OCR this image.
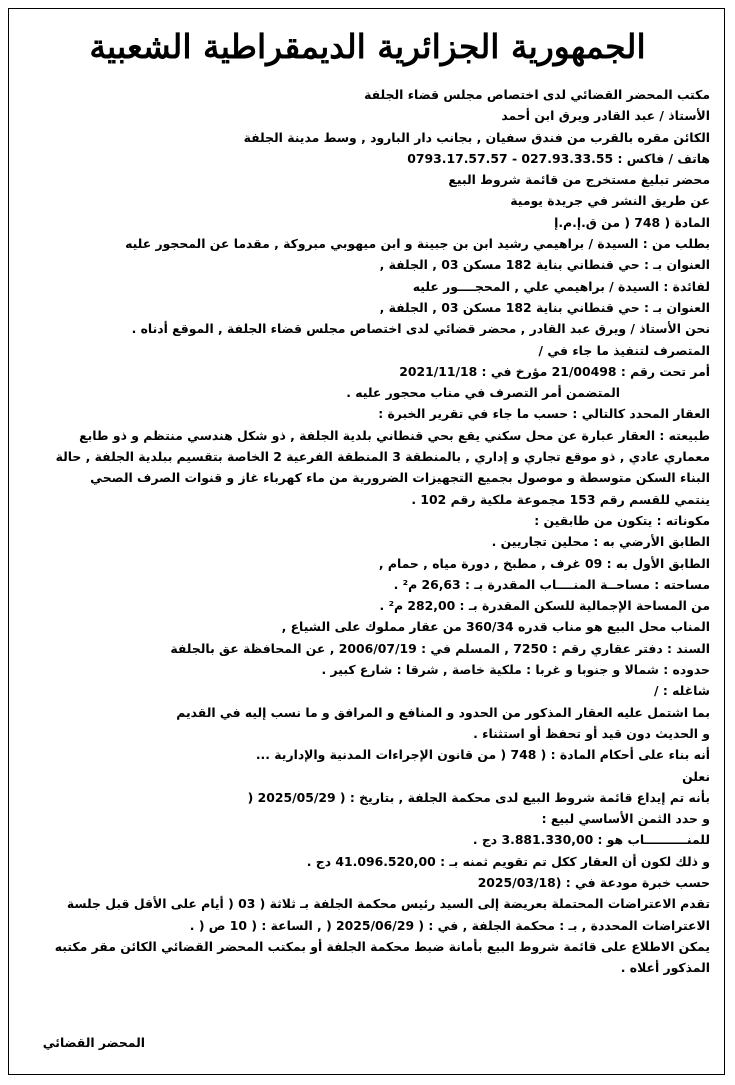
الجمهورية الجزائرية الديمقراطية الشعبية
مكتب المحضر القضائي لدى اختصاص مجلس قضاء الجلفة
الأستاذ / عبد القادر ويرق ابن أحمد
الكائن مقره بالقرب من فندق سفيان , بجانب دار البارود , وسط مدينة الجلفة
هاتف / فاكس : 027.93.33.55 - 0793.17.57.57
محضر تبليغ مستخرج من قائمة شروط البيع
عن طريق النشر في جريدة يومية
المادة ( 748 ( من ق.إ.م.إ
بطلب من : السيدة / براهيمي رشيد ابن بن جبينة و ابن ميهوبي مبروكة , مقدما عن المحجور عليه
العنوان بـ : حي قنطاني بناية 182 مسكن 03 , الجلفة ,
لفائدة : السيدة / براهيمي علي , المحجــــور عليه
العنوان بـ : حي قنطاني بناية 182 مسكن 03 , الجلفة ,
نحن الأستاذ / ويرق عبد القادر , محضر قضائي لدى اختصاص مجلس قضاء الجلفة , الموقع أدناه .
المتصرف لتنفيذ ما جاء في /
أمر تحت رقم : 21/00498 مؤرخ في : 2021/11/18
المتضمن أمر التصرف في مناب محجور عليه .
العقار المحدد كالتالي : حسب ما جاء في تقرير الخبرة :
طبيعته : العقار عبارة عن محل سكني يقع بحي قنطاني بلدية الجلفة , ذو شكل هندسي منتظم و ذو طابع
معماري عادي , ذو موقع تجاري و إداري , بالمنطقة 3 المنطقة الفرعية 2 الخاصة بتقسيم ببلدية الجلفة , حالة
البناء السكن متوسطة و موصول بجميع التجهيزات الضرورية من ماء كهرباء غاز و قنوات الصرف الصحي
ينتمي للقسم رقم 153 مجموعة ملكية رقم 102 .
مكوناته : يتكون من طابقين :
الطابق الأرضي به : محلين تجاريين .
الطابق الأول به : 09 غرف , مطبخ , دورة مياه , حمام ,
مساحته : مساحــة المنــــاب المقدرة بـ : 26,63 م² .
من المساحة الإجمالية للسكن المقدرة بـ : 282,00 م² .
المناب محل البيع هو مناب قدره 360/34 من عقار مملوك على الشياع ,
السند : دفتر عقاري رقم : 7250 , المسلم في : 2006/07/19 , عن المحافظة عق بالجلفة
حدوده : شمالا و جنوبا و غربا : ملكية خاصة , شرقا : شارع كبير .
شاغله : /
بما اشتمل عليه العقار المذكور من الحدود و المنافع و المرافق و ما نسب إليه في القديم
و الحديث دون قيد أو تحفظ أو استثناء .
أنه بناء على أحكام المادة : ( 748 ( من قانون الإجراءات المدنية والإدارية ...
نعلن
بأنه تم إيداع قائمة شروط البيع لدى محكمة الجلفة , بتاريخ : ( 2025/05/29 (
و حدد الثمن الأساسي لبيع :
للمنــــــــــاب هو : 3.881.330,00 دج .
و ذلك لكون أن العقار ككل تم تقويم ثمنه بـ : 41.096.520,00 دج .
حسب خبرة مودعة في : (2025/03/18
تقدم الاعتراضات المحتملة بعريضة إلى السيد رئيس محكمة الجلفة بـ ثلاثة ( 03 ( أيام على الأقل قبل جلسة
الاعتراضات المحددة , بـ : محكمة الجلفة , في : ( 2025/06/29 ( , الساعة : ( 10 ص ( .
يمكن الاطلاع على قائمة شروط البيع بأمانة ضبط محكمة الجلفة أو بمكتب المحضر القضائي الكائن مقر مكتبه
المذكور أعلاه .
المحضر القضائي
